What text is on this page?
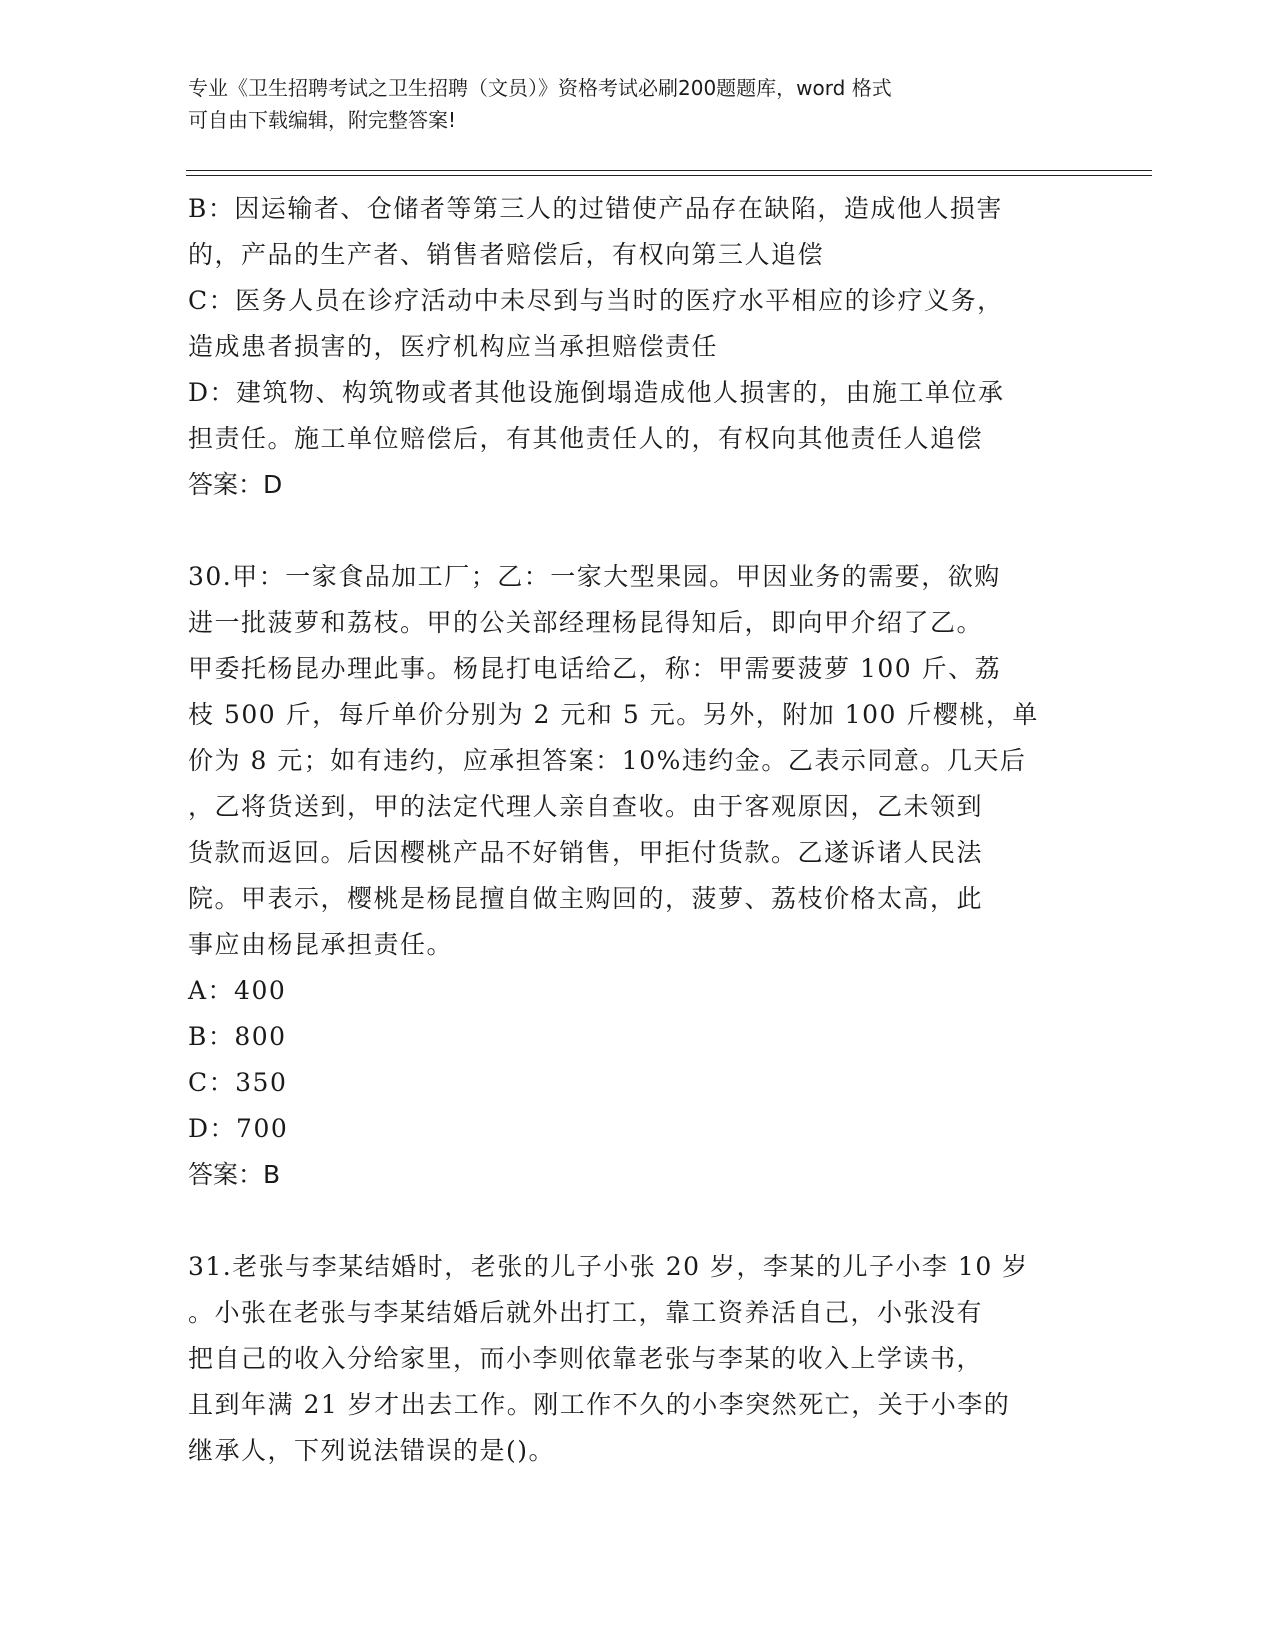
专业《卫生招聘考试之卫生招聘（文员）》资格考试必刷200题题库，word 格式
可自由下载编辑，附完整答案!

B：因运输者、仓储者等第三人的过错使产品存在缺陷，造成他人损害

的，产品的生产者、销售者赔偿后，有权向第三人追偿

C：医务人员在诊疗活动中未尽到与当时的医疗水平相应的诊疗义务，

造成患者损害的，医疗机构应当承担赔偿责任

D：建筑物、构筑物或者其他设施倒塌造成他人损害的，由施工单位承

担责任。施工单位赔偿后，有其他责任人的，有权向其他责任人追偿

答案：D

30.甲：一家食品加工厂；乙：一家大型果园。甲因业务的需要，欲购

进一批菠萝和荔枝。甲的公关部经理杨昆得知后，即向甲介绍了乙。

甲委托杨昆办理此事。杨昆打电话给乙，称：甲需要菠萝 100 斤、荔

枝 500 斤，每斤单价分别为 2 元和 5 元。另外，附加 100 斤樱桃，单

价为 8 元；如有违约，应承担答案：10%违约金。乙表示同意。几天后

，乙将货送到，甲的法定代理人亲自查收。由于客观原因，乙未领到

货款而返回。后因樱桃产品不好销售，甲拒付货款。乙遂诉诸人民法

院。甲表示，樱桃是杨昆擅自做主购回的，菠萝、荔枝价格太高，此

事应由杨昆承担责任。

A：400

B：800

C：350

D：700

答案：B

31.老张与李某结婚时，老张的儿子小张 20 岁，李某的儿子小李 10 岁

。小张在老张与李某结婚后就外出打工，靠工资养活自己，小张没有

把自己的收入分给家里，而小李则依靠老张与李某的收入上学读书，

且到年满 21 岁才出去工作。刚工作不久的小李突然死亡，关于小李的

继承人，下列说法错误的是()。
